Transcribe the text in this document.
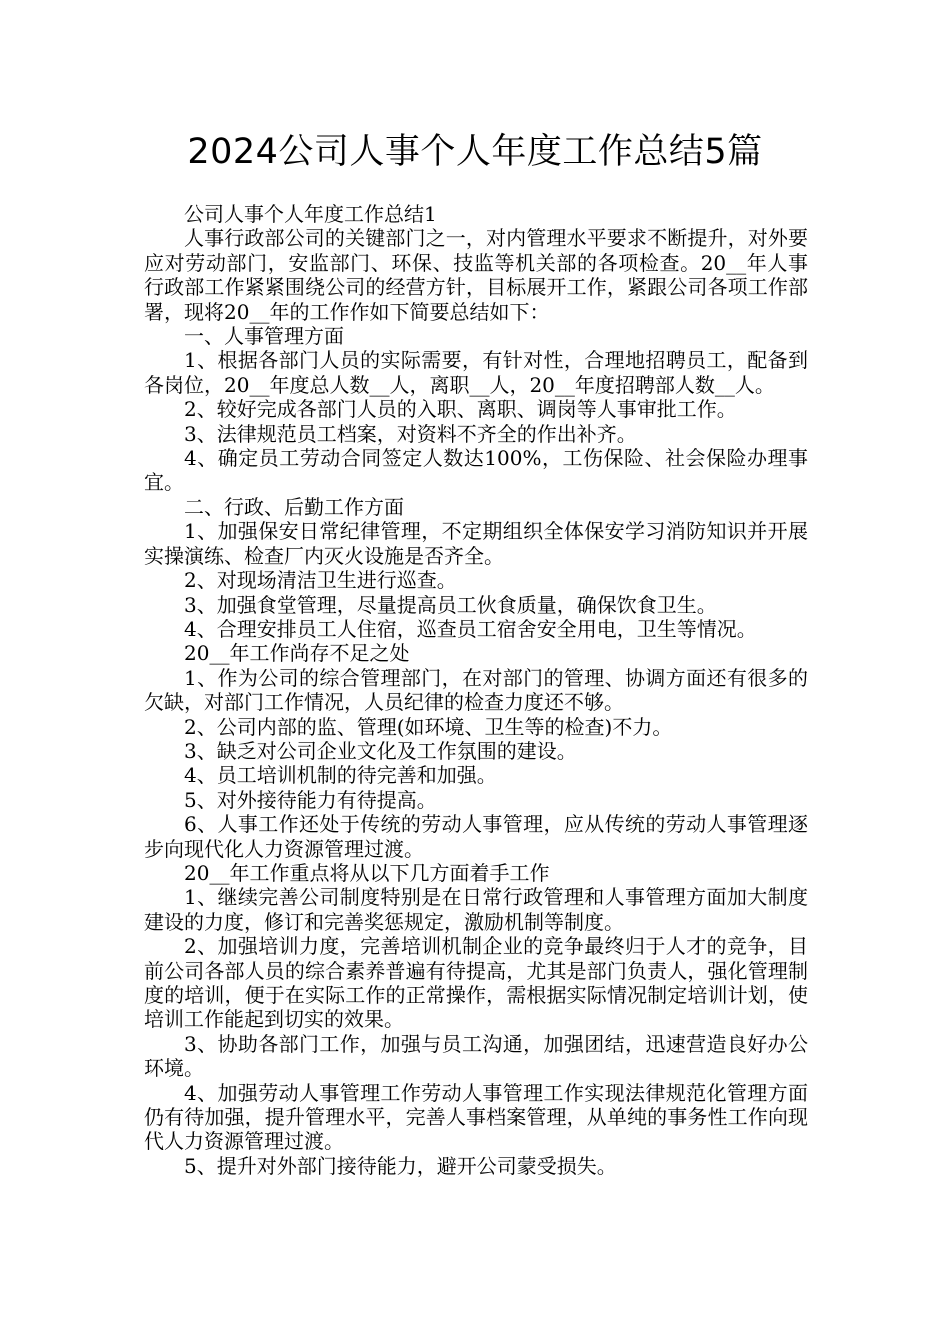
2024公司人事个人年度工作总结5篇

公司人事个人年度工作总结1

人事行政部公司的关键部门之一，对内管理水平要求不断提升，对外要应对劳动部门，安监部门、环保、技监等机关部的各项检查。20__年人事行政部工作紧紧围绕公司的经营方针，目标展开工作，紧跟公司各项工作部署，现将20__年的工作作如下简要总结如下：

一、人事管理方面

1、根据各部门人员的实际需要，有针对性，合理地招聘员工，配备到各岗位，20__年度总人数__人，离职__人，20__年度招聘部人数__人。

2、较好完成各部门人员的入职、离职、调岗等人事审批工作。

3、法律规范员工档案，对资料不齐全的作出补齐。

4、确定员工劳动合同签定人数达100%，工伤保险、社会保险办理事宜。

二、行政、后勤工作方面

1、加强保安日常纪律管理，不定期组织全体保安学习消防知识并开展实操演练、检查厂内灭火设施是否齐全。

2、对现场清洁卫生进行巡查。

3、加强食堂管理，尽量提高员工伙食质量，确保饮食卫生。

4、合理安排员工人住宿，巡查员工宿舍安全用电，卫生等情况。

20__年工作尚存不足之处

1、作为公司的综合管理部门，在对部门的管理、协调方面还有很多的欠缺，对部门工作情况，人员纪律的检查力度还不够。

2、公司内部的监、管理(如环境、卫生等的检查)不力。

3、缺乏对公司企业文化及工作氛围的建设。

4、员工培训机制的待完善和加强。

5、对外接待能力有待提高。

6、人事工作还处于传统的劳动人事管理，应从传统的劳动人事管理逐步向现代化人力资源管理过渡。

20__年工作重点将从以下几方面着手工作

1、继续完善公司制度特别是在日常行政管理和人事管理方面加大制度建设的力度，修订和完善奖惩规定，激励机制等制度。

2、加强培训力度，完善培训机制企业的竞争最终归于人才的竞争，目前公司各部人员的综合素养普遍有待提高，尤其是部门负责人，强化管理制度的培训，便于在实际工作的正常操作，需根据实际情况制定培训计划，使培训工作能起到切实的效果。

3、协助各部门工作，加强与员工沟通，加强团结，迅速营造良好办公环境。

4、加强劳动人事管理工作劳动人事管理工作实现法律规范化管理方面仍有待加强，提升管理水平，完善人事档案管理，从单纯的事务性工作向现代人力资源管理过渡。

5、提升对外部门接待能力，避开公司蒙受损失。
